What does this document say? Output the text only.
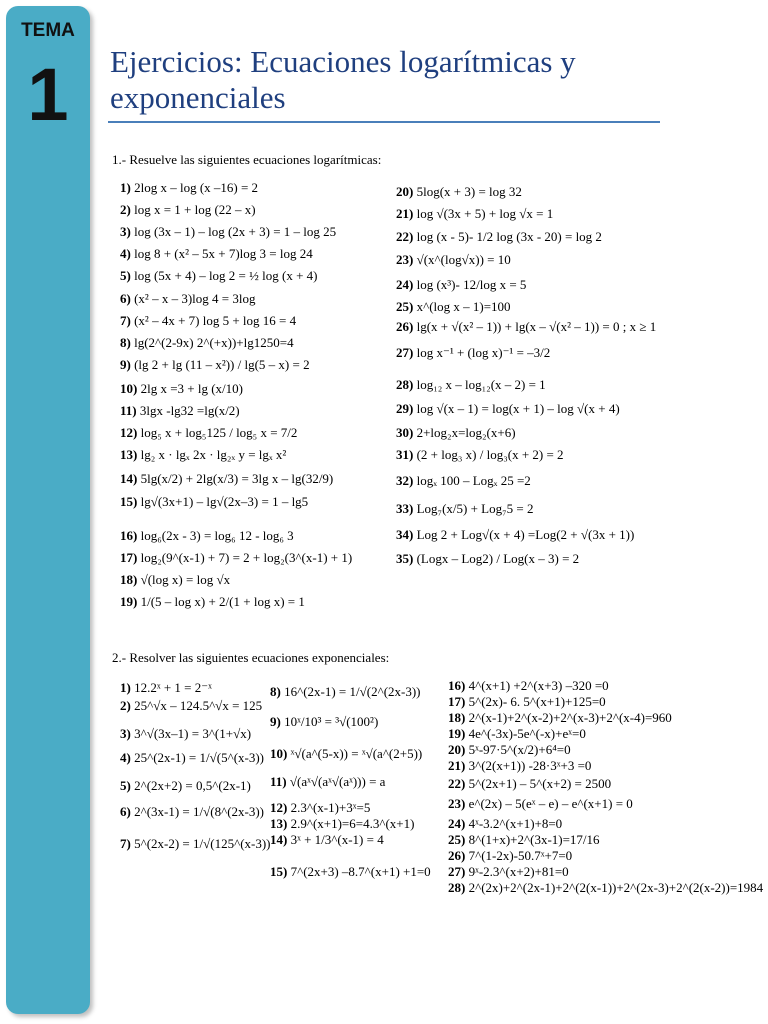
TEMA
1	Ejercicios: Ecuaciones logarítmicas y exponenciales
1.- Resuelve las siguientes ecuaciones logarítmicas:
1) 2log x – log (x –16) = 2
2) log x = 1 + log (22 – x)
3) log (3x – 1) – log (2x + 3) = 1 – log 25
4) log 8 + (x² – 5x + 7)log 3 = log 24
5) log (5x + 4) – log 2 = ½ log (x + 4)
6) (x² – x – 3)log 4 = 3log
7) (x² – 4x + 7) log 5 + log 16 = 4
8) lg(2^(2-9x) 2^(+x))+lg1250=4
9) (lg 2 + lg (11 – x²)) / lg(5 – x) = 2
10) 2lg x =3 + lg (x/10)
11) 3lgx -lg32 =lg(x/2)
12) log₅ x + log₅125 / log₅ x = 7/2
13) lg₂ x · lgₓ 2x · lg₂ₓ y = lgₓ x²
14) 5lg(x/2) + 2lg(x/3) = 3lg x – lg(32/9)
15) lg√(3x+1) – lg√(2x–3) = 1 – lg5
16) log₆(2x - 3) = log₆ 12 - log₆ 3
17) log₂(9^(x-1) + 7) = 2 + log₂(3^(x-1) + 1)
18) √(log x) = log √x
19) 1/(5 – log x) + 2/(1 + log x) = 1
20) 5log(x + 3) = log 32
21) log √(3x + 5) + log √x = 1
22) log (x - 5)- 1/2 log (3x - 20) = log 2
23) √(x^(log√x)) = 10
24) log (x³)- 12/log x = 5
25) x^(log x – 1)=100
26) lg(x + √(x² – 1)) + lg(x – √(x² – 1)) = 0 ; x ≥ 1
27) log x⁻¹ + (log x)⁻¹ = –3/2
28) log₁₂ x – log₁₂(x – 2) = 1
29) log √(x – 1) = log(x + 1) – log √(x + 4)
30) 2+log₂x=log₂(x+6)
31) (2 + log₃ x) / log₃(x + 2) = 2
32) logₓ 100 – Logₓ 25 =2
33) Log₇(x/5) + Log₇5 = 2
34) Log 2 + Log√(x + 4) =Log(2 + √(3x + 1))
35) (Logx – Log2) / Log(x – 3) = 2
2.- Resolver las siguientes ecuaciones exponenciales:
1) 12.2ˣ + 1 = 2⁻ˣ
2) 25^√x – 124.5^√x = 125
3) 3^√(3x–1) = 3^(1+√x)
4) 25^(2x-1) = 1/√(5^(x-3))
5) 2^(2x+2) = 0,5^(2x-1)
6) 2^(3x-1) = 1/√(8^(2x-3))
7) 5^(2x-2) = 1/√(125^(x-3))
8) 16^(2x-1) = 1/√(2^(2x-3))
9) 10ˣ/10³ = ³√(100²)
10) ˣ√(a^(5-x)) = ˣ√(a^(2+5))
11) √(aˣ√(aˣ√(aˣ))) = a
12) 2.3^(x-1)+3ˣ=5
13) 2.9^(x+1)=6=4.3^(x+1)
14) 3ˣ + 1/3^(x-1) = 4
15) 7^(2x+3) –8.7^(x+1) +1=0
16) 4^(x+1) +2^(x+3) –320 =0
17) 5^(2x)- 6. 5^(x+1)+125=0
18) 2^(x-1)+2^(x-2)+2^(x-3)+2^(x-4)=960
19) 4e^(-3x)-5e^(-x)+eˣ=0
20) 5ˣ-97·5^(x/2)+6⁴=0
21) 3^(2(x+1)) -28·3ˣ+3 =0
22) 5^(2x+1) – 5^(x+2) = 2500
23) e^(2x) – 5(eˣ – e) – e^(x+1) = 0
24) 4ˣ-3.2^(x+1)+8=0
25) 8^(1+x)+2^(3x-1)=17/16
26) 7^(1-2x)-50.7ˣ+7=0
27) 9ˣ-2.3^(x+2)+81=0
28) 2^(2x)+2^(2x-1)+2^(2(x-1))+2^(2x-3)+2^(2(x-2))=1984
